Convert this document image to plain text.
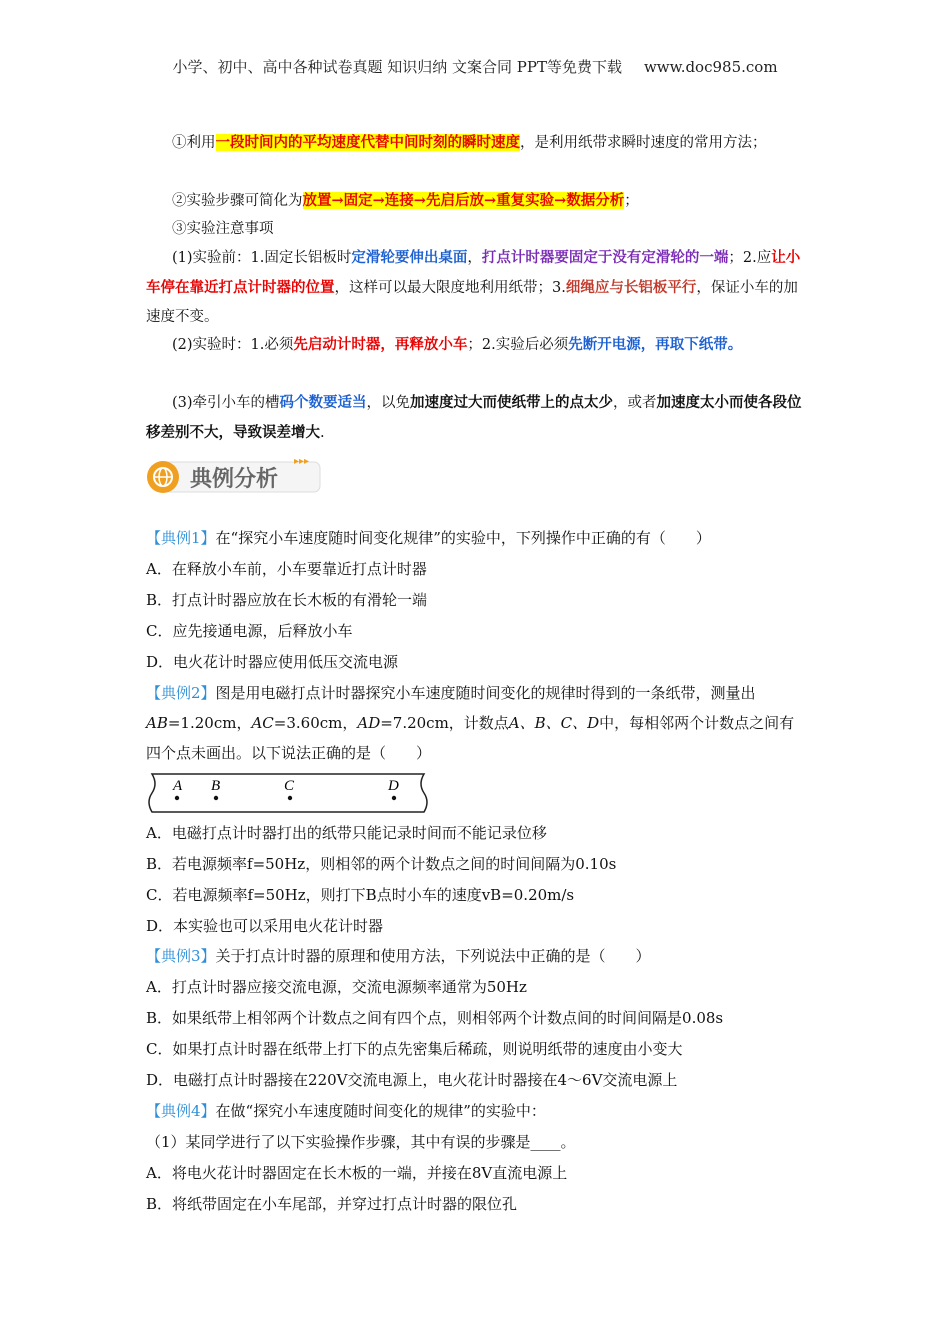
小学、初中、高中各种试卷真题 知识归纳 文案合同 PPT等免费下载 www.doc985.com
①利用一段时间内的平均速度代替中间时刻的瞬时速度，是利用纸带求瞬时速度的常用方法；
②实验步骤可简化为放置→固定→连接→先启后放→重复实验→数据分析；
③实验注意事项
(1)实验前：1.固定长铝板时定滑轮要伸出桌面，打点计时器要固定于没有定滑轮的一端；2.应让小车停在靠近打点计时器的位置，这样可以最大限度地利用纸带；3.细绳应与长铝板平行，保证小车的加速度不变。
(2)实验时：1.必须先启动计时器，再释放小车；2.实验后必须先断开电源，再取下纸带。
(3)牵引小车的槽码个数要适当，以免加速度过大而使纸带上的点太少，或者加速度太小而使各段位移差别不大，导致误差增大.
典例分析
▸▸▸
【典例1】在“探究小车速度随时间变化规律”的实验中，下列操作中正确的有（　　）
A．在释放小车前，小车要靠近打点计时器
B．打点计时器应放在长木板的有滑轮一端
C．应先接通电源，后释放小车
D．电火花计时器应使用低压交流电源
【典例2】图是用电磁打点计时器探究小车速度随时间变化的规律时得到的一条纸带，测量出AB=1.20cm，AC=3.60cm，AD=7.20cm，计数点A、B、C、D中，每相邻两个计数点之间有四个点未画出。以下说法正确的是（　　）
A B	C	D
A．电磁打点计时器打出的纸带只能记录时间而不能记录位移
B．若电源频率f=50Hz，则相邻的两个计数点之间的时间间隔为0.10s
C．若电源频率f=50Hz，则打下B点时小车的速度vB=0.20m/s
D．本实验也可以采用电火花计时器
【典例3】关于打点计时器的原理和使用方法，下列说法中正确的是（　　）
A．打点计时器应接交流电源，交流电源频率通常为50Hz
B．如果纸带上相邻两个计数点之间有四个点，则相邻两个计数点间的时间间隔是0.08s
C．如果打点计时器在纸带上打下的点先密集后稀疏，则说明纸带的速度由小变大
D．电磁打点计时器接在220V交流电源上，电火花计时器接在4～6V交流电源上
【典例4】在做“探究小车速度随时间变化的规律”的实验中：
（1）某同学进行了以下实验操作步骤，其中有误的步骤是____。
A．将电火花计时器固定在长木板的一端，并接在8V直流电源上
B．将纸带固定在小车尾部，并穿过打点计时器的限位孔
